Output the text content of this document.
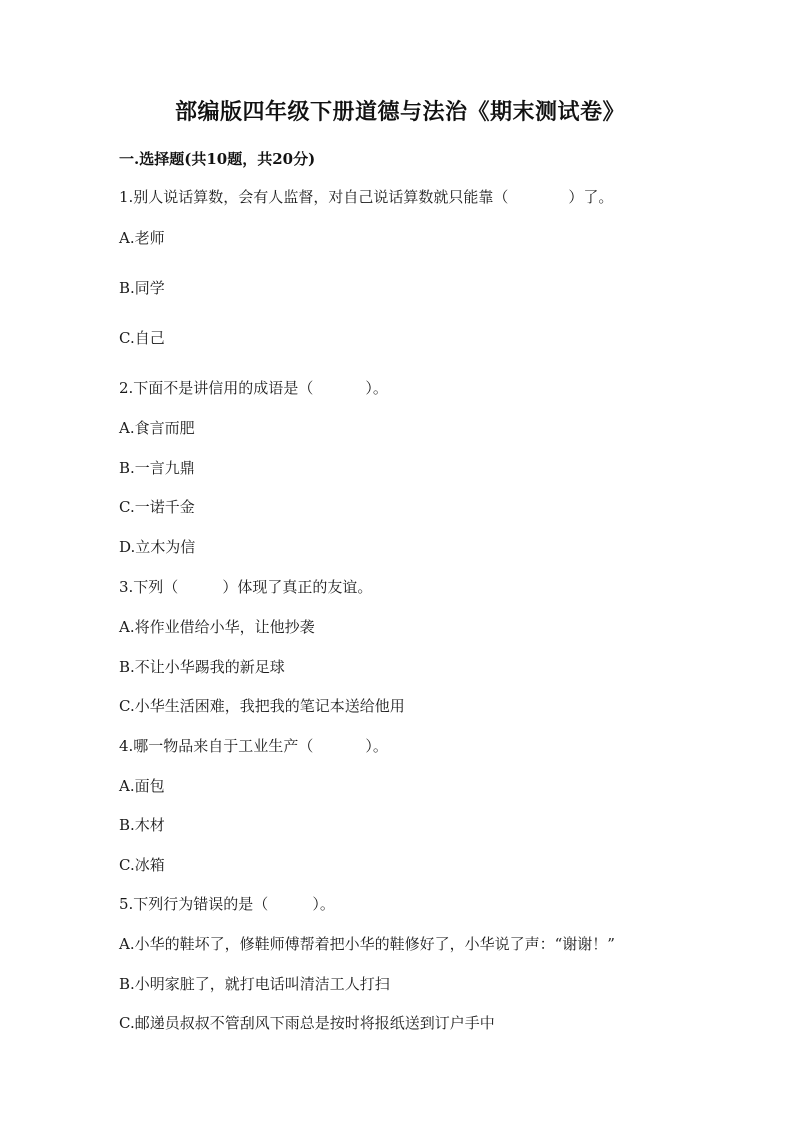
部编版四年级下册道德与法治《期末测试卷》
一.选择题(共10题，共20分)
1.别人说话算数，会有人监督，对自己说话算数就只能靠（	）了。
A.老师
B.同学
C.自己
2.下面不是讲信用的成语是（	）。
A.食言而肥
B.一言九鼎
C.一诺千金
D.立木为信
3.下列（	）体现了真正的友谊。
A.将作业借给小华，让他抄袭
B.不让小华踢我的新足球
C.小华生活困难，我把我的笔记本送给他用
4.哪一物品来自于工业生产（	）。
A.面包
B.木材
C.冰箱
5.下列行为错误的是（	）。
A.小华的鞋坏了，修鞋师傅帮着把小华的鞋修好了，小华说了声：“谢谢！”
B.小明家脏了，就打电话叫清洁工人打扫
C.邮递员叔叔不管刮风下雨总是按时将报纸送到订户手中
